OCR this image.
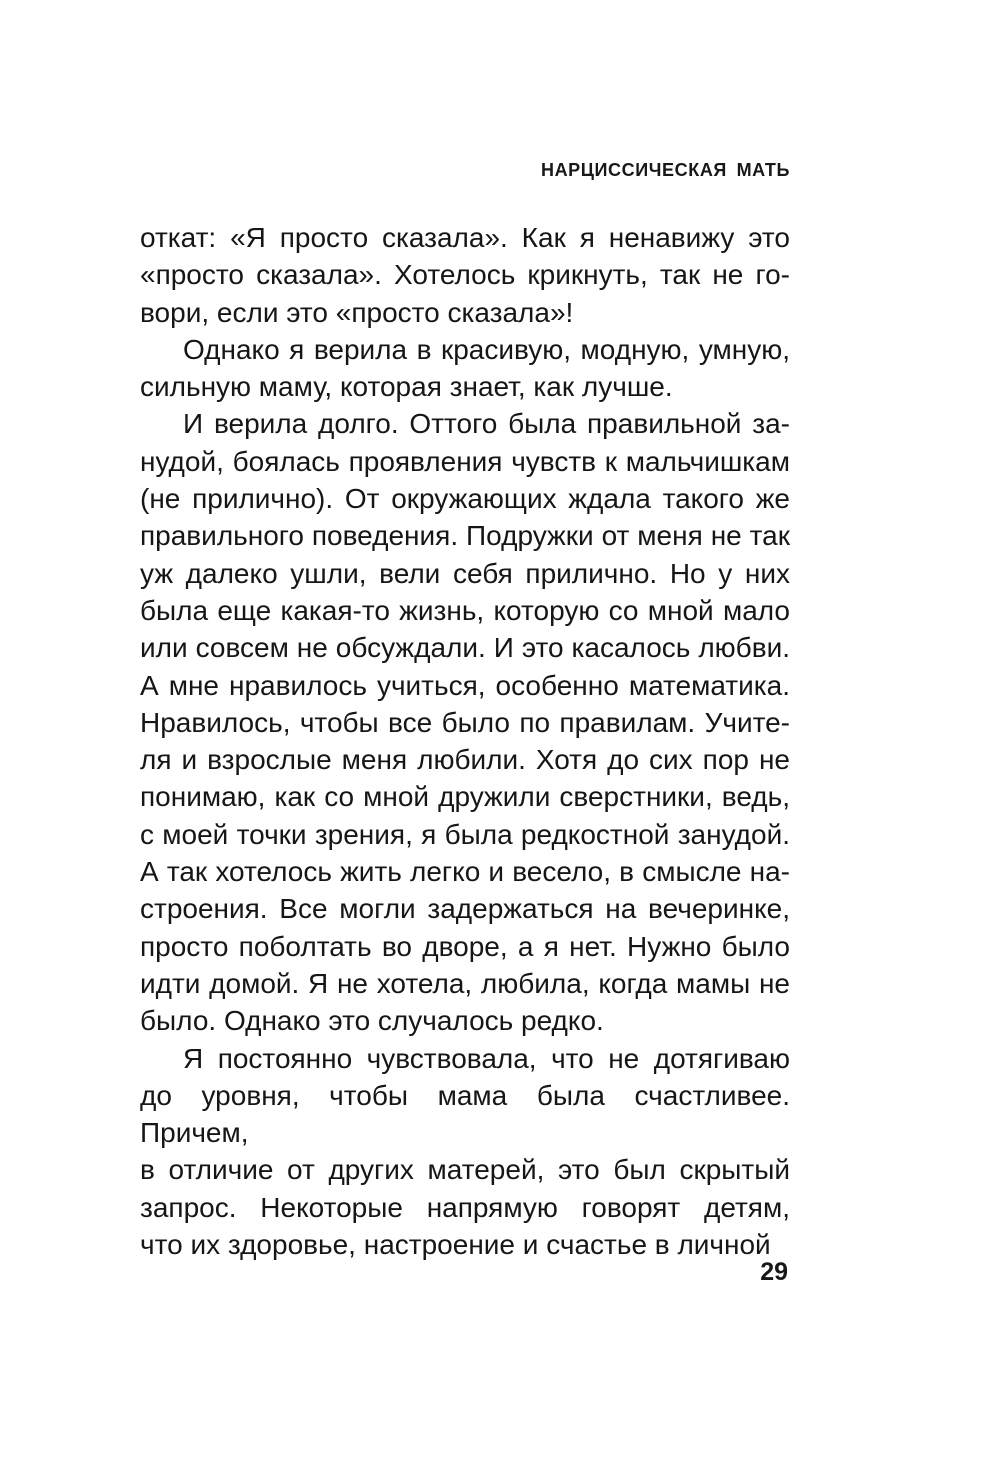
НАРЦИССИЧЕСКАЯ МАТЬ
откат: «Я просто сказала». Как я ненавижу это
«просто сказала». Хотелось крикнуть, так не го-
вори, если это «просто сказала»!
Однако я верила в красивую, модную, умную,
сильную маму, которая знает, как лучше.
И верила долго. Оттого была правильной за-
нудой, боялась проявления чувств к мальчишкам
(не прилично). От окружающих ждала такого же
правильного поведения. Подружки от меня не так
уж далеко ушли, вели себя прилично. Но у них
была еще какая-то жизнь, которую со мной мало
или совсем не обсуждали. И это касалось любви.
А мне нравилось учиться, особенно математика.
Нравилось, чтобы все было по правилам. Учите-
ля и взрослые меня любили. Хотя до сих пор не
понимаю, как со мной дружили сверстники, ведь,
с моей точки зрения, я была редкостной занудой.
А так хотелось жить легко и весело, в смысле на-
строения. Все могли задержаться на вечеринке,
просто поболтать во дворе, а я нет. Нужно было
идти домой. Я не хотела, любила, когда мамы не
было. Однако это случалось редко.
Я постоянно чувствовала, что не дотягиваю
до уровня, чтобы мама была счастливее. Причем,
в отличие от других матерей, это был скрытый
запрос. Некоторые напрямую говорят детям,
что их здоровье, настроение и счастье в личной
29
